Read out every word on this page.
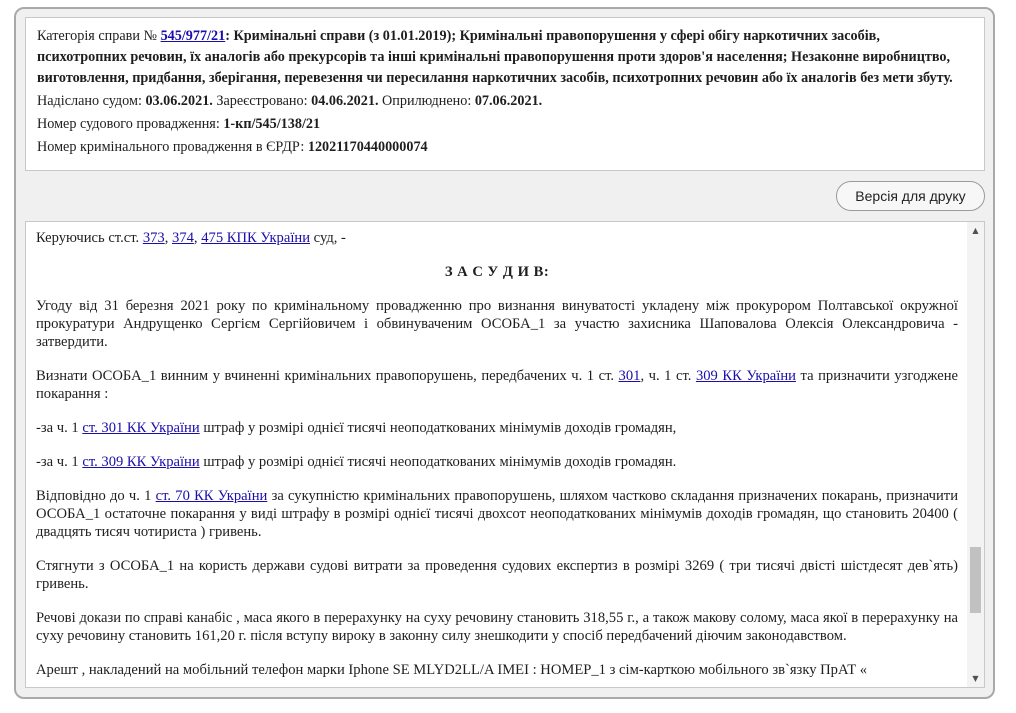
Категорія справи № 545/977/21: Кримінальні справи (з 01.01.2019); Кримінальні правопорушення у сфері обігу наркотичних засобів, психотропних речовин, їх аналогів або прекурсорів та інші кримінальні правопорушення проти здоров'я населення; Незаконне виробництво, виготовлення, придбання, зберігання, перевезення чи пересилання наркотичних засобів, психотропних речовин або їх аналогів без мети збуту.

Надіслано судом: 03.06.2021. Зареєстровано: 04.06.2021. Оприлюднено: 07.06.2021.

Номер судового провадження: 1-кп/545/138/21

Номер кримінального провадження в ЄРДР: 12021170440000074

Версія для друку

Керуючись ст.ст. 373, 374, 475 КПК України суд, -

З А С У Д И В:

Угоду від 31 березня 2021 року по кримінальному провадженню про визнання винуватості укладену між прокурором Полтавської окружної прокуратури Андрущенко Сергієм Сергійовичем і обвинуваченим ОСОБА_1 за участю захисника Шаповалова Олексія Олександровича - затвердити.

Визнати ОСОБА_1 винним у вчиненні кримінальних правопорушень, передбачених ч. 1 ст. 301, ч. 1 ст. 309 КК України та призначити узгоджене покарання :

-за ч. 1 ст. 301 КК України штраф у розмірі однієї тисячі неоподаткованих мінімумів доходів громадян,

-за ч. 1 ст. 309 КК України штраф у розмірі однієї тисячі неоподаткованих мінімумів доходів громадян.

Відповідно до ч. 1 ст. 70 КК України за сукупністю кримінальних правопорушень, шляхом частково складання призначених покарань, призначити ОСОБА_1 остаточне покарання у виді штрафу в розмірі однієї тисячі двохсот неоподаткованих мінімумів доходів громадян, що становить 20400 ( двадцять тисяч чотириста ) гривень.

Стягнути з ОСОБА_1 на користь держави судові витрати за проведення судових експертиз в розмірі 3269 ( три тисячі двісті шістдесят дев`ять) гривень.

Речові докази по справі канабіс , маса якого в перерахунку на суху речовину становить 318,55 г., а також макову солому, маса якої в перерахунку на суху речовину становить 161,20 г. після вступу вироку в законну силу знешкодити у спосіб передбачений діючим законодавством.

Арешт , накладений на мобільний телефон марки Iphone SE MLYD2LL/A IMEI : НОМЕР_1 з сім-карткою мобільного зв`язку ПрАТ «

▲
▼
